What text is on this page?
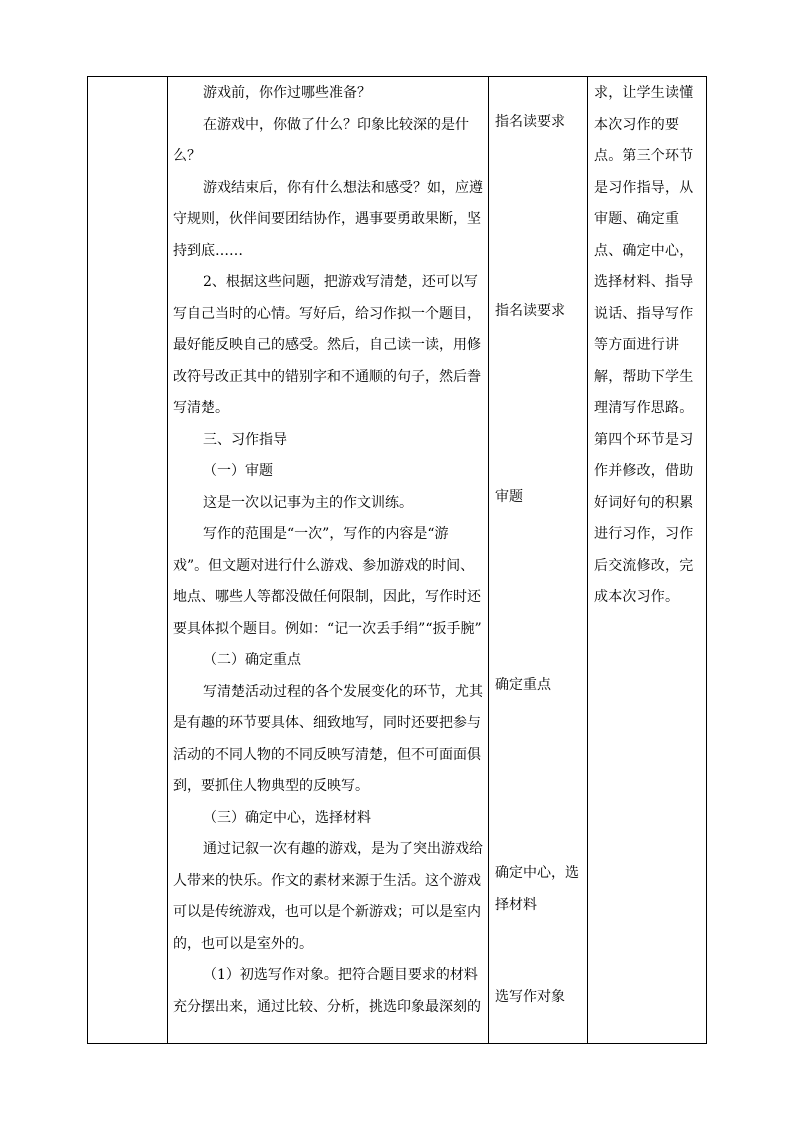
游戏前，你作过哪些准备？

在游戏中，你做了什么？印象比较深的是什么？

游戏结束后，你有什么想法和感受？如，应遵守规则，伙伴间要团结协作，遇事要勇敢果断，坚持到底……

2、根据这些问题，把游戏写清楚，还可以写写自己当时的心情。写好后，给习作拟一个题目，最好能反映自己的感受。然后，自己读一读，用修改符号改正其中的错别字和不通顺的句子，然后誊写清楚。

三、习作指导

（一）审题

这是一次以记事为主的作文训练。

写作的范围是“一次”，写作的内容是“游戏”。但文题对进行什么游戏、参加游戏的时间、地点、哪些人等都没做任何限制，因此，写作时还要具体拟个题目。例如：“记一次丢手绢”“扳手腕”

（二）确定重点

写清楚活动过程的各个发展变化的环节，尤其是有趣的环节要具体、细致地写，同时还要把参与活动的不同人物的不同反映写清楚，但不可面面俱到，要抓住人物典型的反映写。

（三）确定中心，选择材料

通过记叙一次有趣的游戏，是为了突出游戏给人带来的快乐。作文的素材来源于生活。这个游戏可以是传统游戏，也可以是个新游戏；可以是室内的，也可以是室外的。

（1）初选写作对象。把符合题目要求的材料充分摆出来，通过比较、分析，挑选印象最深刻的

指名读要求
指名读要求
审题
确定重点
确定中心，选择材料
选写作对象

求，让学生读懂本次习作的要点。第三个环节是习作指导，从审题、确定重点、确定中心，选择材料、指导说话、指导写作等方面进行讲解，帮助下学生理清写作思路。第四个环节是习作并修改，借助好词好句的积累进行习作，习作后交流修改，完成本次习作。
